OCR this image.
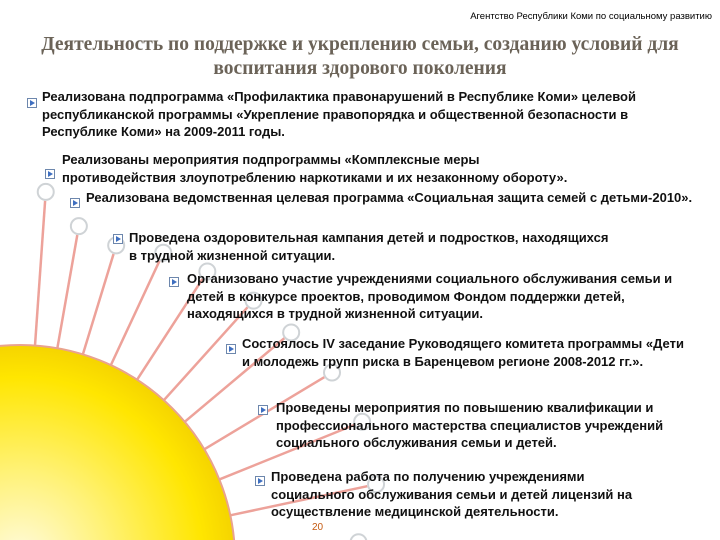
Агентство Республики Коми по социальному развитию
Деятельность по поддержке и укреплению семьи, созданию условий для воспитания здорового поколения
Реализована подпрограмма «Профилактика правонарушений в Республике Коми» целевой республиканской программы «Укрепление правопорядка и общественной безопасности в Республике Коми» на 2009-2011 годы.
Реализованы мероприятия подпрограммы «Комплексные меры противодействия злоупотреблению наркотиками и их незаконному обороту».
Реализована ведомственная целевая программа «Социальная защита семей с детьми-2010».
Проведена оздоровительная кампания детей и подростков, находящихся в трудной жизненной ситуации.
Организовано участие учреждениями социального обслуживания семьи и детей в конкурсе проектов, проводимом Фондом поддержки детей, находящихся в трудной жизненной ситуации.
Состоялось IV заседание Руководящего комитета программы «Дети и молодежь групп риска в Баренцевом регионе 2008-2012 гг.».
Проведены мероприятия по повышению квалификации и профессионального мастерства специалистов учреждений социального обслуживания семьи и детей.
Проведена работа по получению учреждениями социального обслуживания семьи и детей лицензий на осуществление медицинской деятельности.
20
